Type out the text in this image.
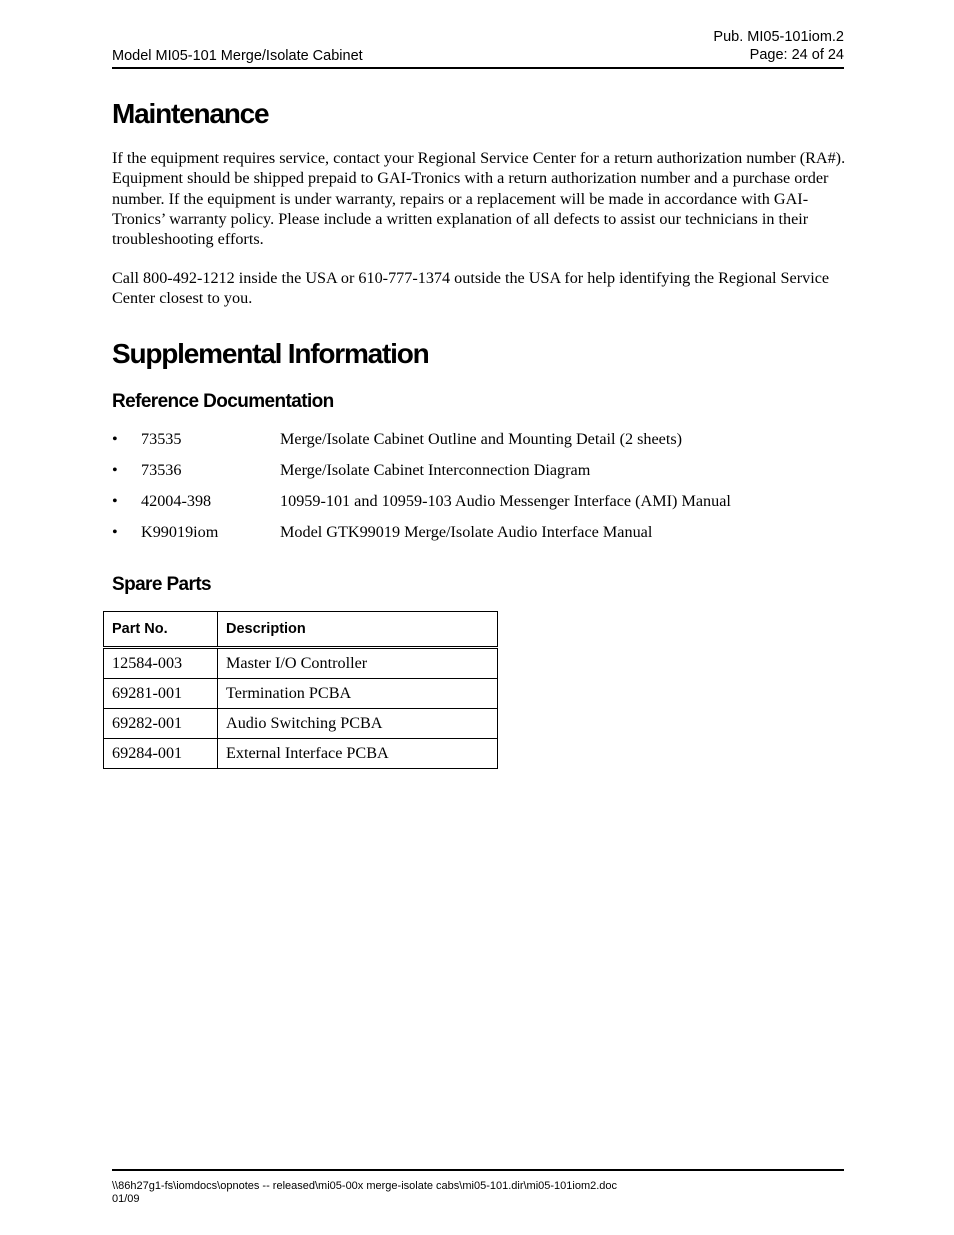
Model MI05-101 Merge/Isolate Cabinet
Pub. MI05-101iom.2
Page: 24 of 24
Maintenance
If the equipment requires service, contact your Regional Service Center for a return authorization number (RA#). Equipment should be shipped prepaid to GAI-Tronics with a return authorization number and a purchase order number. If the equipment is under warranty, repairs or a replacement will be made in accordance with GAI-Tronics’ warranty policy. Please include a written explanation of all defects to assist our technicians in their troubleshooting efforts.
Call 800-492-1212 inside the USA or 610-777-1374 outside the USA for help identifying the Regional Service Center closest to you.
Supplemental Information
Reference Documentation
• 73535	Merge/Isolate Cabinet Outline and Mounting Detail (2 sheets)
• 73536	Merge/Isolate Cabinet Interconnection Diagram
• 42004-398	10959-101 and 10959-103 Audio Messenger Interface (AMI) Manual
• K99019iom	Model GTK99019 Merge/Isolate Audio Interface Manual
Spare Parts
Part No.	Description
12584-003	Master I/O Controller
69281-001	Termination PCBA
69282-001	Audio Switching PCBA
69284-001	External Interface PCBA
\\86h27g1-fs\iomdocs\opnotes -- released\mi05-00x merge-isolate cabs\mi05-101.dir\mi05-101iom2.doc
01/09
